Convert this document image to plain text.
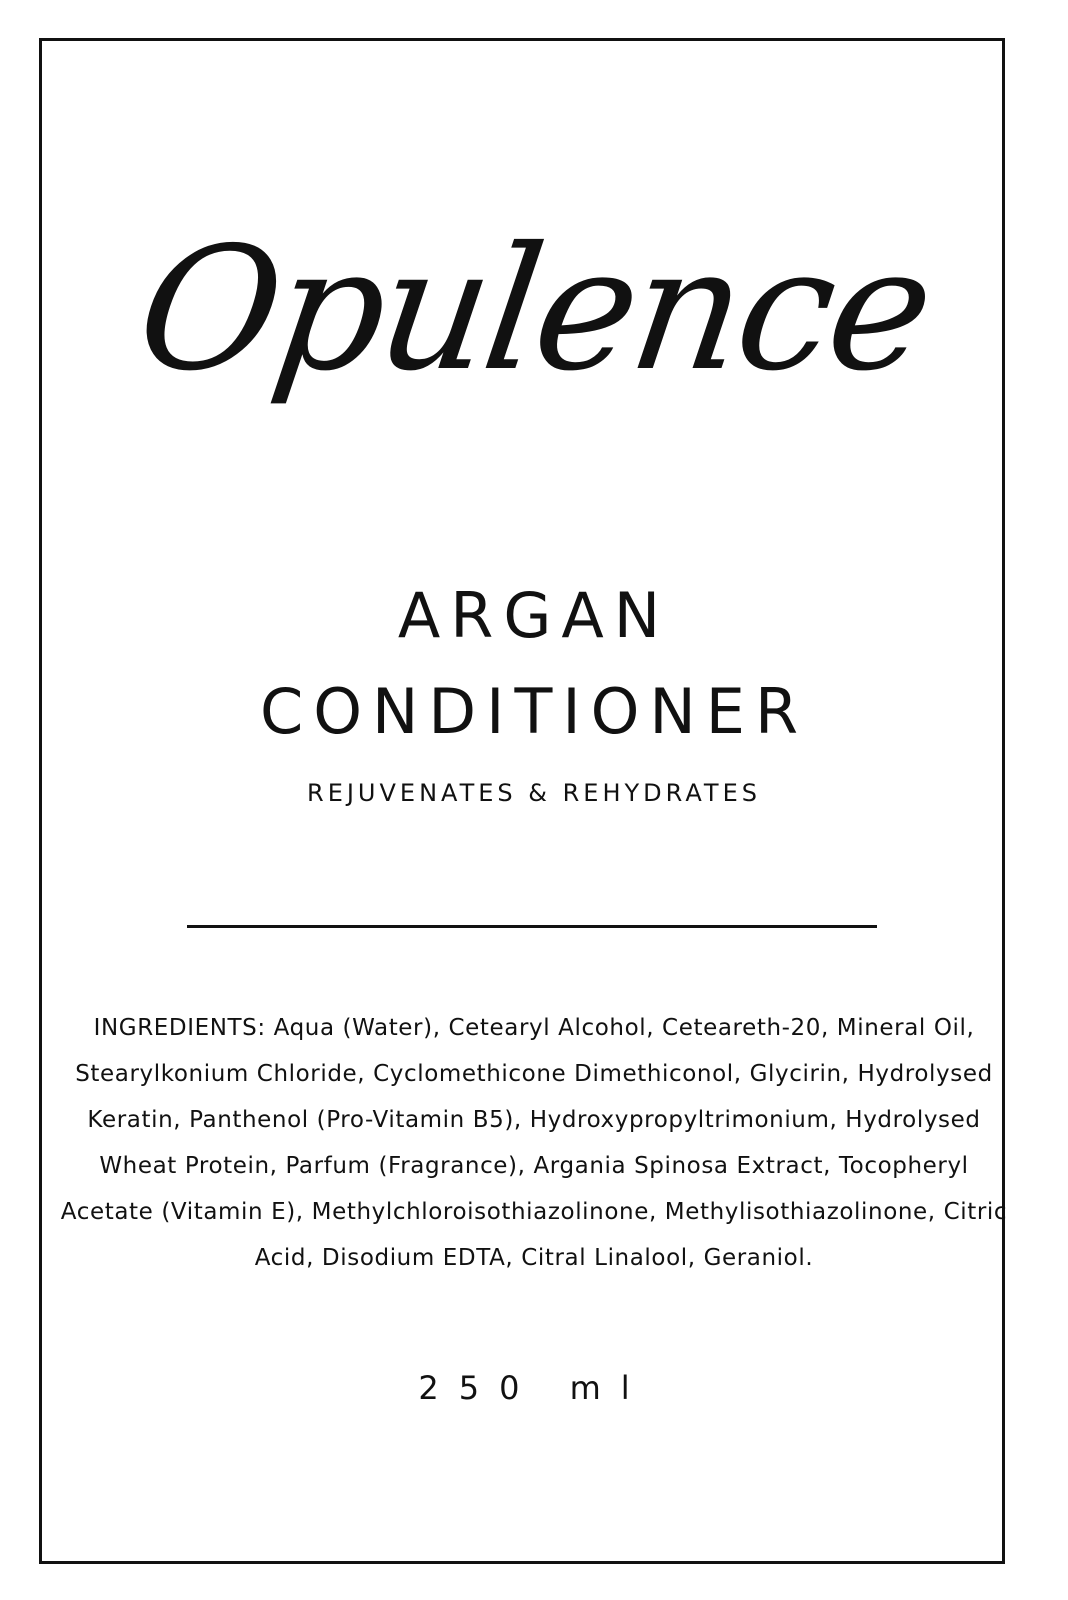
Opulence
ARGAN
CONDITIONER
REJUVENATES & REHYDRATES
INGREDIENTS: Aqua (Water), Cetearyl Alcohol, Ceteareth-20, Mineral Oil, Stearylkonium Chloride, Cyclomethicone Dimethiconol, Glycirin, Hydrolysed Keratin, Panthenol (Pro-Vitamin B5), Hydroxypropyltrimonium, Hydrolysed Wheat Protein, Parfum (Fragrance), Argania Spinosa Extract, Tocopheryl Acetate (Vitamin E), Methylchloroisothiazolinone, Methylisothiazolinone, Citric Acid, Disodium EDTA, Citral Linalool, Geraniol.
250 ml
